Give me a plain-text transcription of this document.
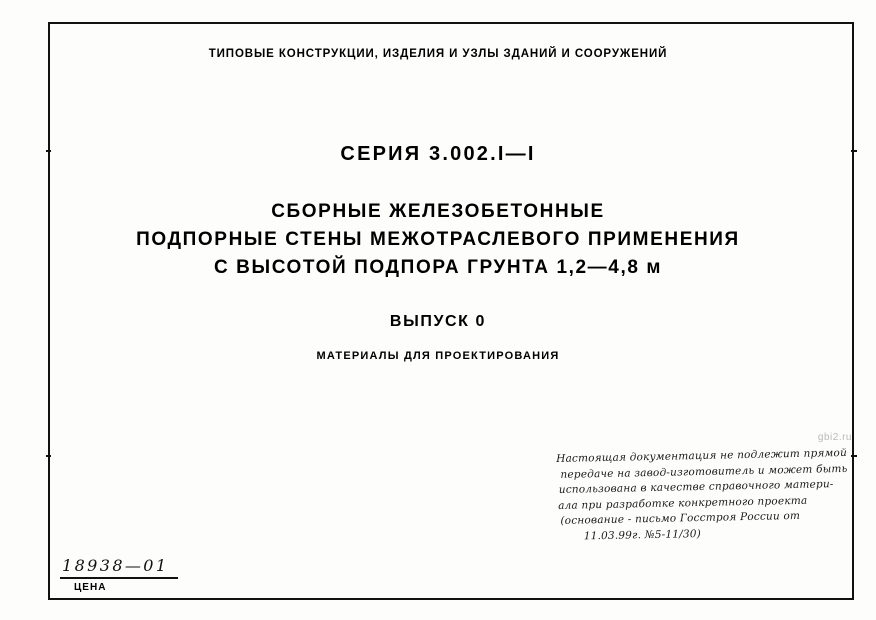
ТИПОВЫЕ КОНСТРУКЦИИ, ИЗДЕЛИЯ И УЗЛЫ ЗДАНИЙ И СООРУЖЕНИЙ
СЕРИЯ 3.002.I—I
СБОРНЫЕ ЖЕЛЕЗОБЕТОННЫЕ
ПОДПОРНЫЕ СТЕНЫ МЕЖОТРАСЛЕВОГО ПРИМЕНЕНИЯ
С ВЫСОТОЙ ПОДПОРА ГРУНТА 1,2—4,8 м
ВЫПУСК 0
МАТЕРИАЛЫ ДЛЯ ПРОЕКТИРОВАНИЯ
gbi2.ru
Настоящая документация не подлежит прямой
передаче на завод-изготовитель и может быть
использована в качестве справочного матери-
ала при разработке конкретного проекта
(основание - письмо Госстроя России от
11.03.99г. №5-11/30)
18938—01
ЦЕНА
